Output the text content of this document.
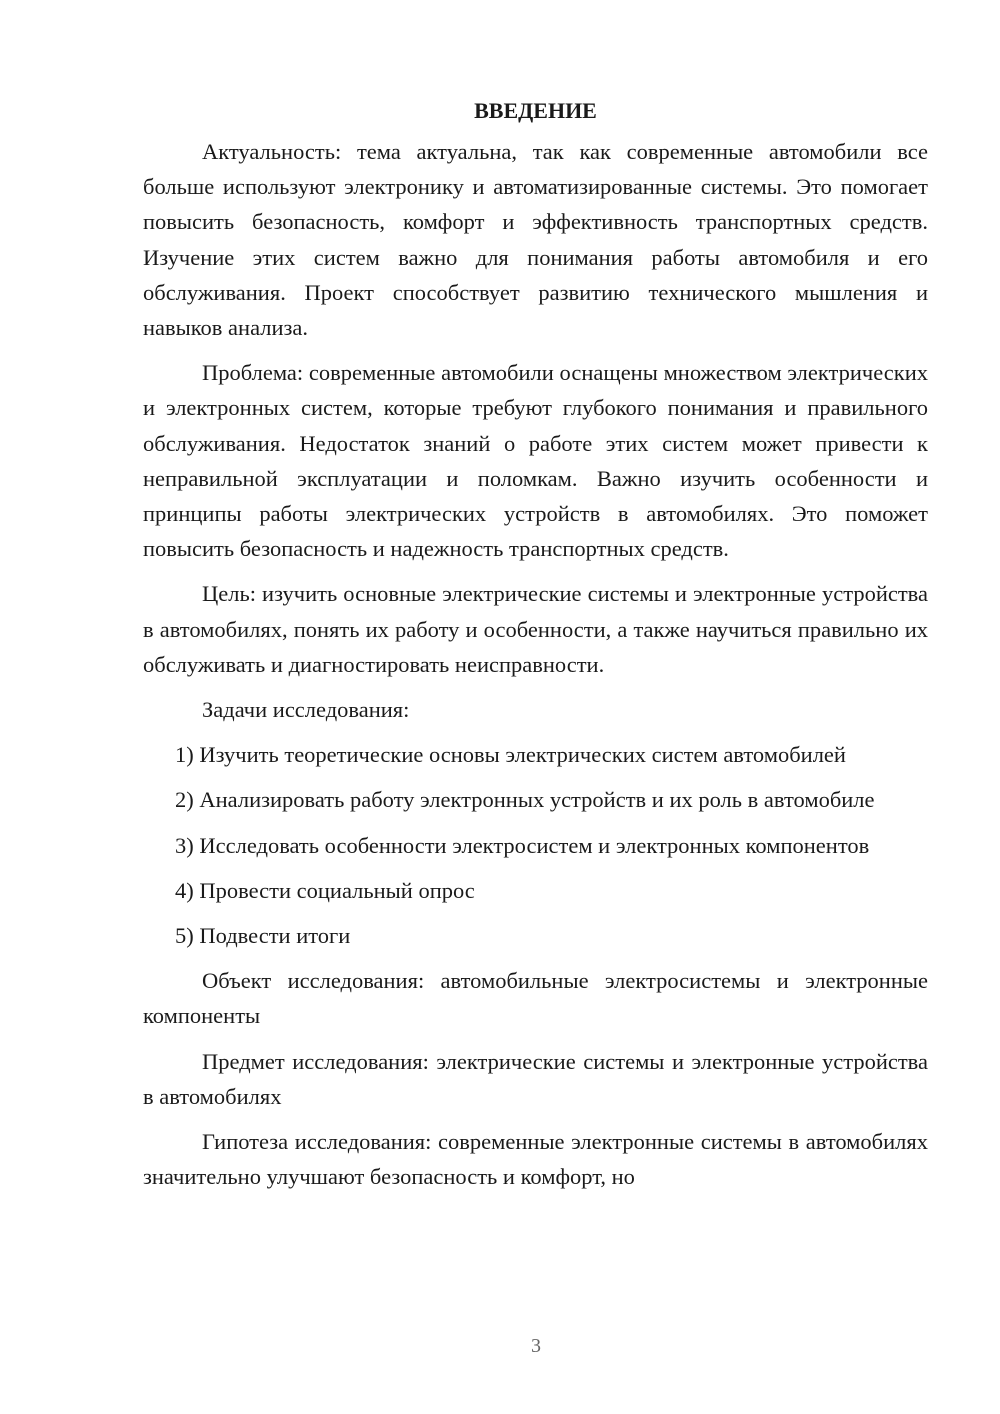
ВВЕДЕНИЕ

Актуальность: тема актуальна, так как современные автомобили все больше используют электронику и автоматизированные системы. Это помогает повысить безопасность, комфорт и эффективность транспортных средств. Изучение этих систем важно для понимания работы автомобиля и его обслуживания. Проект способствует развитию технического мышления и навыков анализа.

Проблема: современные автомобили оснащены множеством электрических и электронных систем, которые требуют глубокого понимания и правильного обслуживания. Недостаток знаний о работе этих систем может привести к неправильной эксплуатации и поломкам. Важно изучить особенности и принципы работы электрических устройств в автомобилях. Это поможет повысить безопасность и надежность транспортных средств.

Цель: изучить основные электрические системы и электронные устройства в автомобилях, понять их работу и особенности, а также научиться правильно их обслуживать и диагностировать неисправности.

Задачи исследования:

1) Изучить теоретические основы электрических систем автомобилей

2) Анализировать работу электронных устройств и их роль в автомобиле

3) Исследовать особенности электросистем и электронных компонентов

4) Провести социальный опрос

5) Подвести итоги

Объект исследования: автомобильные электросистемы и электронные компоненты

Предмет исследования: электрические системы и электронные устройства в автомобилях

Гипотеза исследования: современные электронные системы в автомобилях значительно улучшают безопасность и комфорт, но

3
